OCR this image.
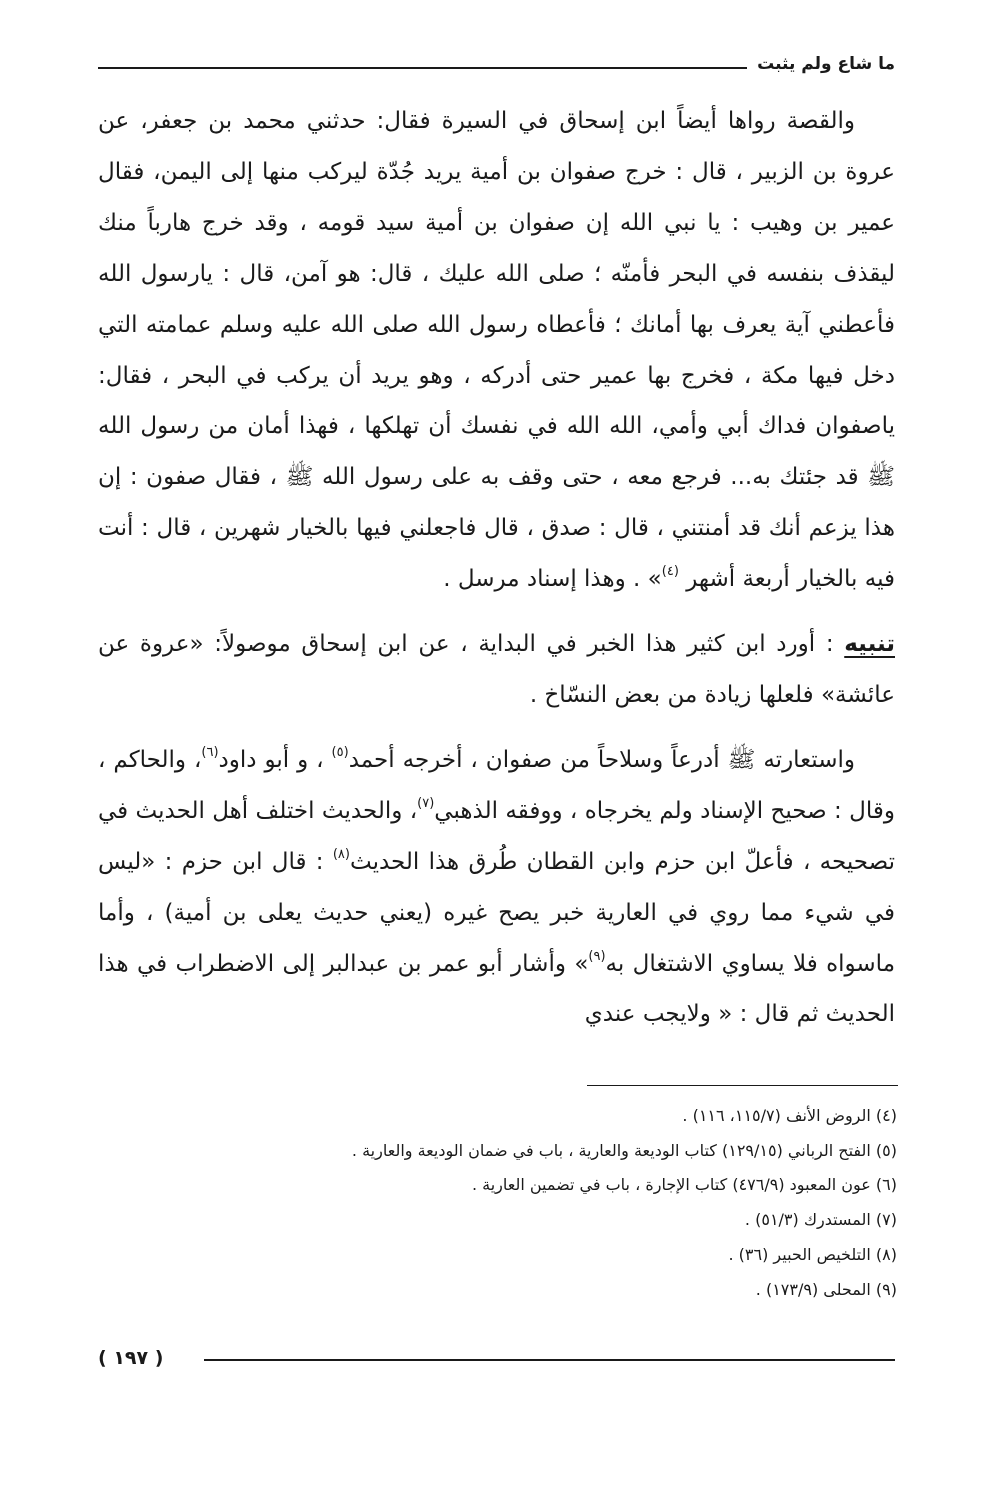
ما شاع ولم يثبت

والقصة رواها أيضاً ابن إسحاق في السيرة فقال: حدثني محمد بن جعفر، عن عروة بن الزبير ، قال : خرج صفوان بن أمية يريد جُدّة ليركب منها إلى اليمن، فقال عمير بن وهيب : يا نبي الله إن صفوان بن أمية سيد قومه ، وقد خرج هارباً منك ليقذف بنفسه في البحر فأمنّه ؛ صلى الله عليك ، قال: هو آمن، قال : يارسول الله فأعطني آية يعرف بها أمانك ؛ فأعطاه رسول الله صلى الله عليه وسلم عمامته التي دخل فيها مكة ، فخرج بها عمير حتى أدركه ، وهو يريد أن يركب في البحر ، فقال: ياصفوان فداك أبي وأمي، الله الله في نفسك أن تهلكها ، فهذا أمان من رسول الله ﷺ قد جئتك به... فرجع معه ، حتى وقف به على رسول الله ﷺ ، فقال صفون : إن هذا يزعم أنك قد أمنتني ، قال : صدق ، قال فاجعلني فيها بالخيار شهرين ، قال : أنت فيه بالخيار أربعة أشهر $^{(٤)}$» . وهذا إسناد مرسل .

تنبيه : أورد ابن كثير هذا الخبر في البداية ، عن ابن إسحاق موصولاً: «عروة عن عائشة» فلعلها زيادة من بعض النسّاخ .

واستعارته ﷺ أدرعاً وسلاحاً من صفوان ، أخرجه أحمد$^{(٥)}$ ، و أبو داود$^{(٦)}$، والحاكم ، وقال : صحيح الإسناد ولم يخرجاه ، ووفقه الذهبي$^{(٧)}$، والحديث اختلف أهل الحديث في تصحيحه ، فأعلّ ابن حزم وابن القطان طُرق هذا الحديث$^{(٨)}$ : قال ابن حزم : «ليس في شيء مما روي في العارية خبر يصح غيره (يعني حديث يعلى بن أمية) ، وأما ماسواه فلا يساوي الاشتغال به$^{(٩)}$» وأشار أبو عمر بن عبدالبر إلى الاضطراب في هذا الحديث ثم قال : « ولايجب عندي

(٤) الروض الأنف (١١٥/٧، ١١٦) .
(٥) الفتح الرباني (١٢٩/١٥) كتاب الوديعة والعارية ، باب في ضمان الوديعة والعارية .
(٦) عون المعبود (٤٧٦/٩) كتاب الإجارة ، باب في تضمين العارية .
(٧) المستدرك (٥١/٣) .
(٨) التلخيص الحبير (٣٦) .
(٩) المحلى (١٧٣/٩) .
( ١٩٧ )
